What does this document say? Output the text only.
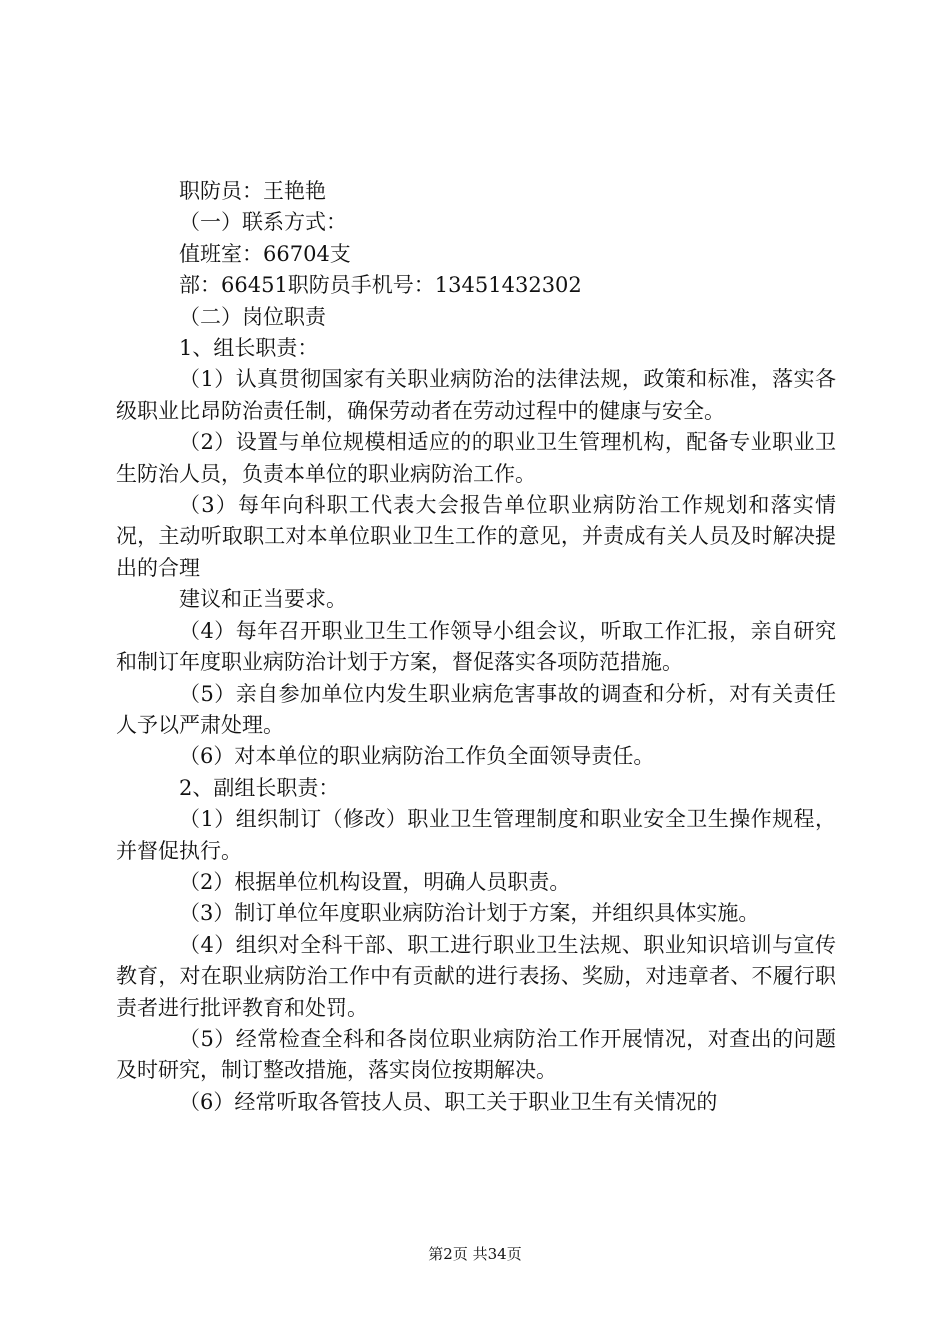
职防员：王艳艳

（一）联系方式：

值班室：66704支

部：66451职防员手机号：13451432302

（二）岗位职责

1、组长职责：

（1）认真贯彻国家有关职业病防治的法律法规，政策和标准，落实各级职业比昂防治责任制，确保劳动者在劳动过程中的健康与安全。

（2）设置与单位规模相适应的的职业卫生管理机构，配备专业职业卫生防治人员，负责本单位的职业病防治工作。

（3）每年向科职工代表大会报告单位职业病防治工作规划和落实情况，主动听取职工对本单位职业卫生工作的意见，并责成有关人员及时解决提出的合理

建议和正当要求。

（4）每年召开职业卫生工作领导小组会议，听取工作汇报，亲自研究和制订年度职业病防治计划于方案，督促落实各项防范措施。

（5）亲自参加单位内发生职业病危害事故的调查和分析，对有关责任人予以严肃处理。

（6）对本单位的职业病防治工作负全面领导责任。

2、副组长职责：

（1）组织制订（修改）职业卫生管理制度和职业安全卫生操作规程，并督促执行。

（2）根据单位机构设置，明确人员职责。

（3）制订单位年度职业病防治计划于方案，并组织具体实施。

（4）组织对全科干部、职工进行职业卫生法规、职业知识培训与宣传教育，对在职业病防治工作中有贡献的进行表扬、奖励，对违章者、不履行职责者进行批评教育和处罚。

（5）经常检查全科和各岗位职业病防治工作开展情况，对查出的问题及时研究，制订整改措施，落实岗位按期解决。

（6）经常听取各管技人员、职工关于职业卫生有关情况的

第2页 共34页
